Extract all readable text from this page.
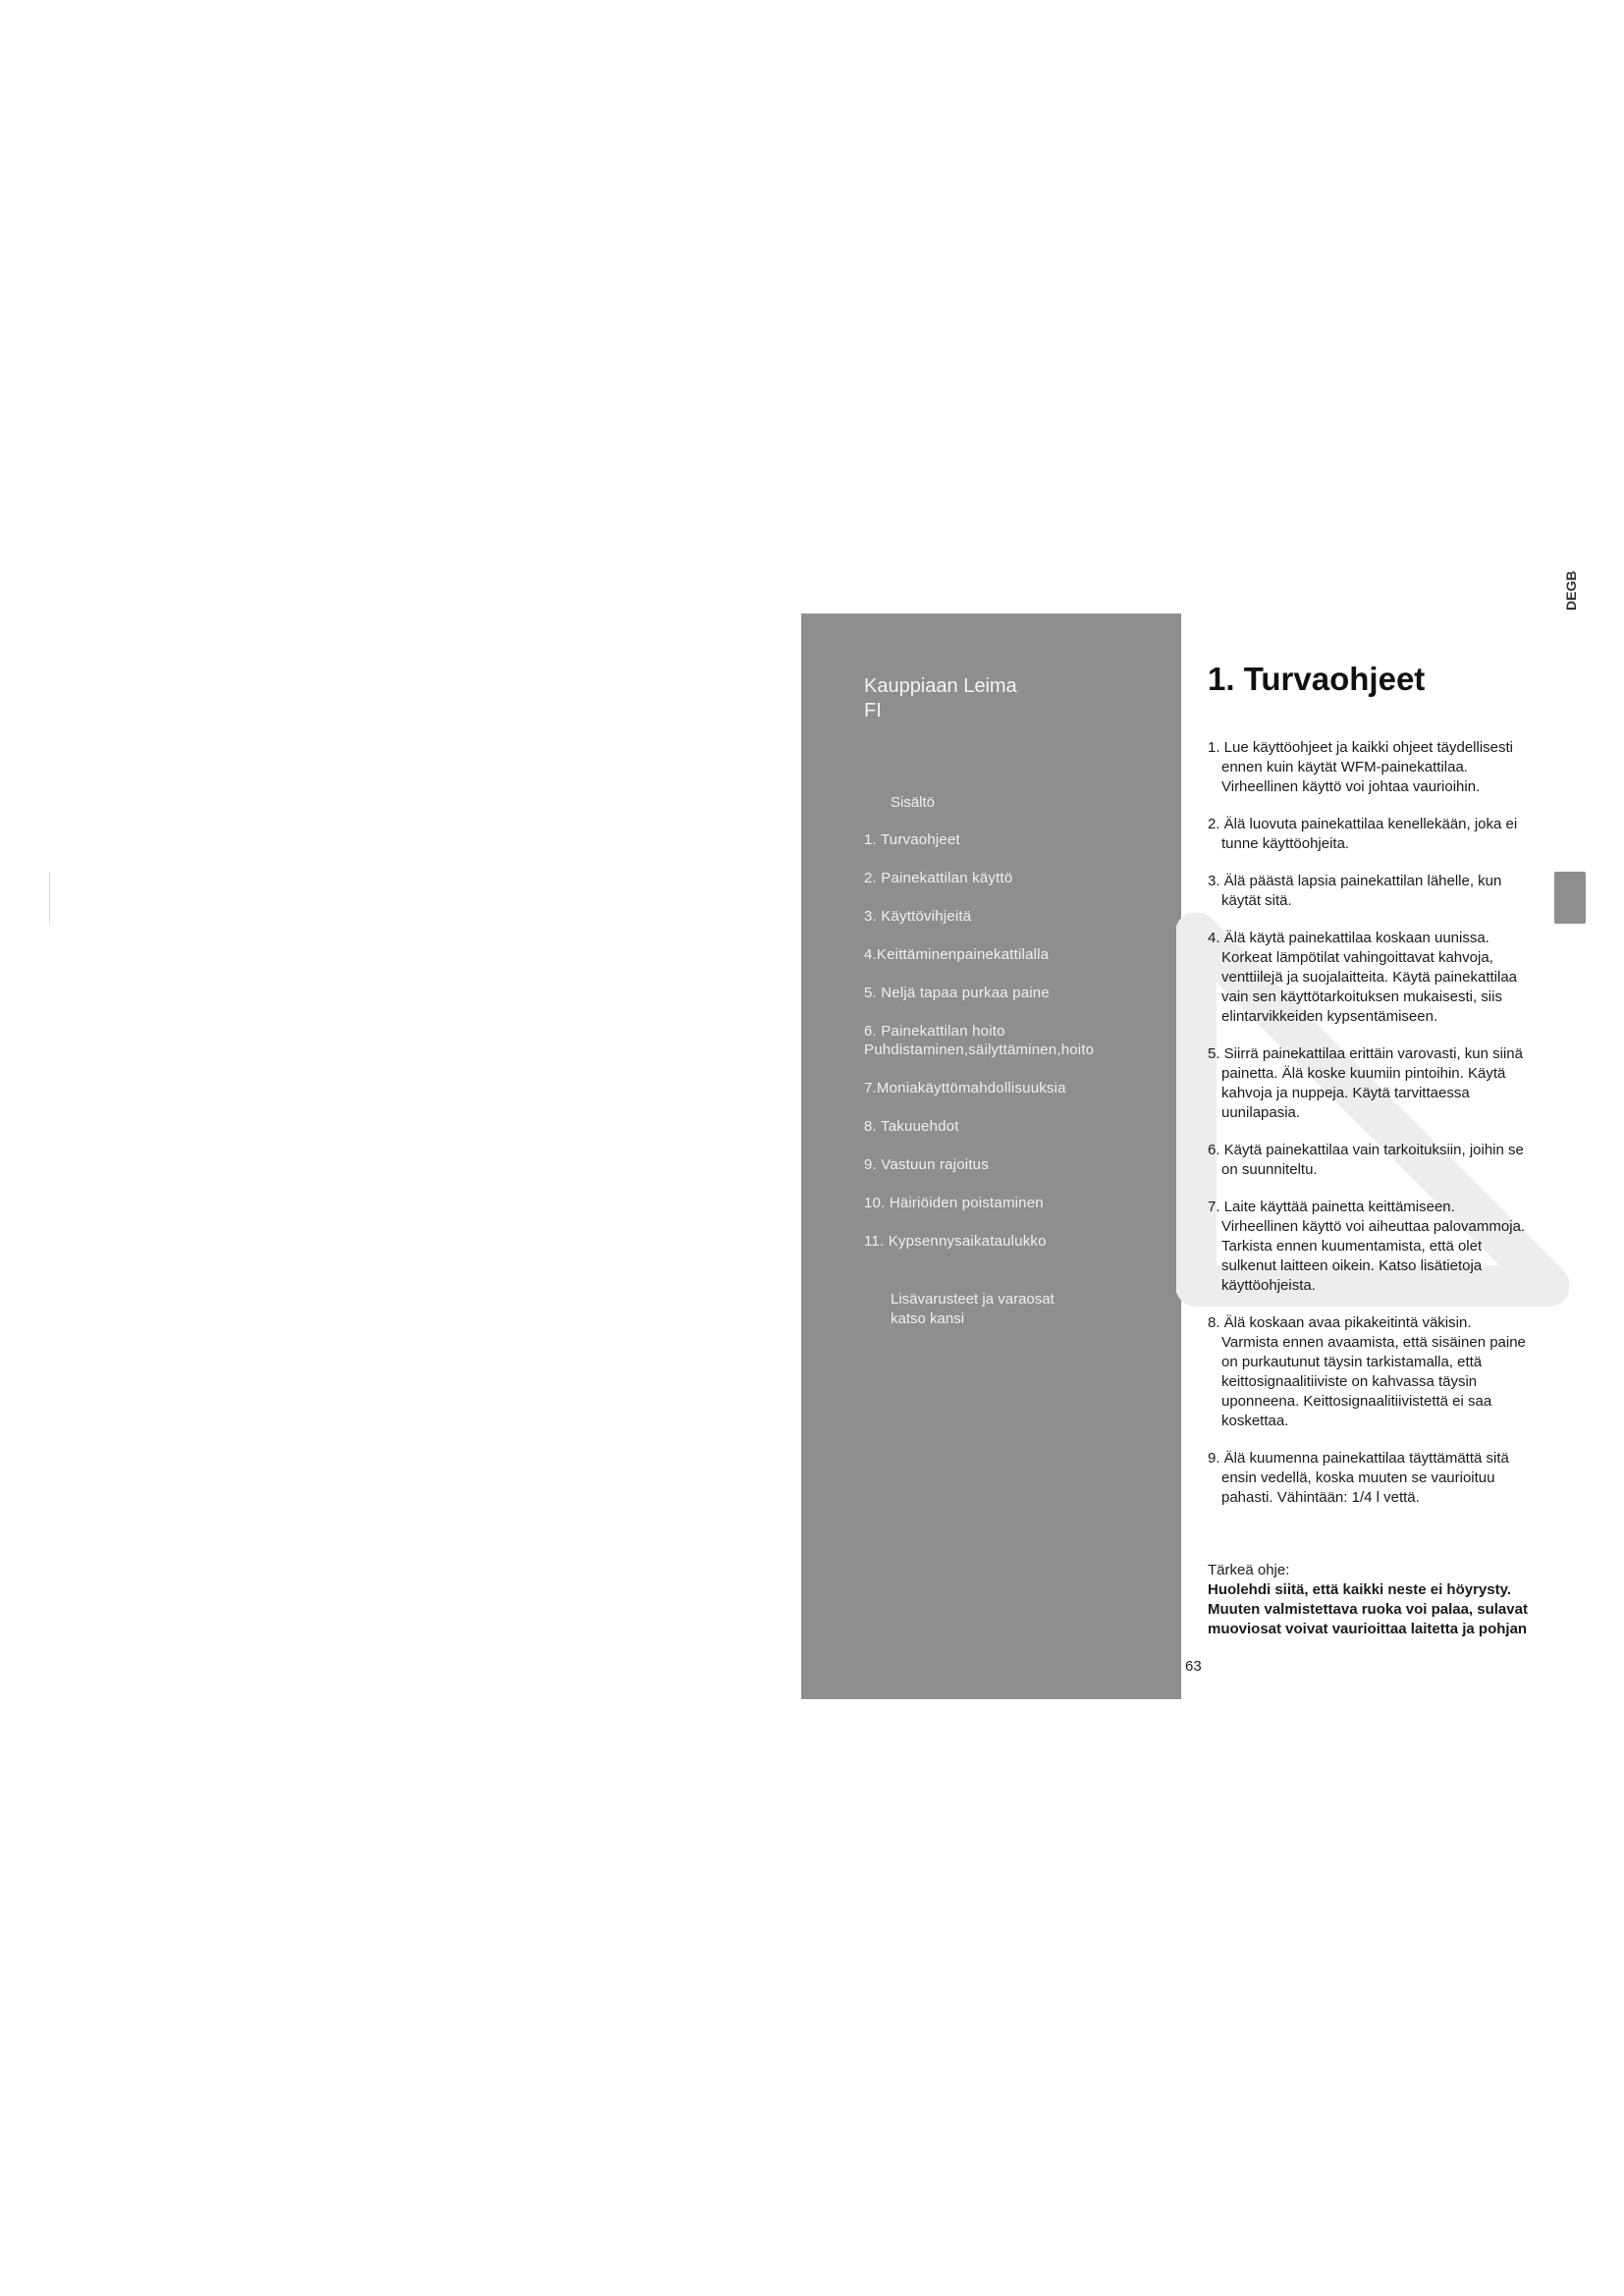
Kauppiaan Leima
FI
Sisältö
1. Turvaohjeet
2. Painekattilan käyttö
3. Käyttövihjeitä
4.Keittäminenpainekattilalla
5. Neljä tapaa purkaa paine
6. Painekattilan hoito Puhdistaminen,säilyttäminen,hoito
7.Moniakäyttömahdollisuuksia
8. Takuuehdot
9. Vastuun rajoitus
10. Häiriöiden poistaminen
11. Kypsennysaikataulukko
Lisävarusteet ja varaosat
katso kansi
63
DEGB
1. Turvaohjeet
1. Lue käyttöohjeet ja kaikki ohjeet täydellisesti ennen kuin käytät WFM-painekattilaa. Virheellinen käyttö voi johtaa vaurioihin.
2. Älä luovuta painekattilaa kenellekään, joka ei tunne käyttöohjeita.
3. Älä päästä lapsia painekattilan lähelle, kun käytät sitä.
4. Älä käytä painekattilaa koskaan uunissa. Korkeat lämpötilat vahingoittavat kahvoja, venttiilejä ja suojalaitteita. Käytä painekattilaa vain sen käyttötarkoituksen mukaisesti, siis elintarvikkeiden kypsentämiseen.
5. Siirrä painekattilaa erittäin varovasti, kun siinä painetta. Älä koske kuumiin pintoihin. Käytä kahvoja ja nuppeja. Käytä tarvittaessa uunilapasia.
6. Käytä painekattilaa vain tarkoituksiin, joihin se on suunniteltu.
7. Laite käyttää painetta keittämiseen. Virheellinen käyttö voi aiheuttaa palovammoja. Tarkista ennen kuumentamista, että olet sulkenut laitteen oikein. Katso lisätietoja käyttöohjeista.
8. Älä koskaan avaa pikakeitintä väkisin. Varmista ennen avaamista, että sisäinen paine on purkautunut täysin tarkistamalla, että keittosignaalitiiviste on kahvassa täysin uponneena. Keittosignaalitiivistettä ei saa koskettaa.
9. Älä kuumenna painekattilaa täyttämättä sitä ensin vedellä, koska muuten se vaurioituu pahasti. Vähintään: 1/4 l vettä.
Tärkeä ohje:
Huolehdi siitä, että kaikki neste ei höyrysty. Muuten valmistettava ruoka voi palaa, sulavat muoviosat voivat vaurioittaa laitetta ja pohjan
